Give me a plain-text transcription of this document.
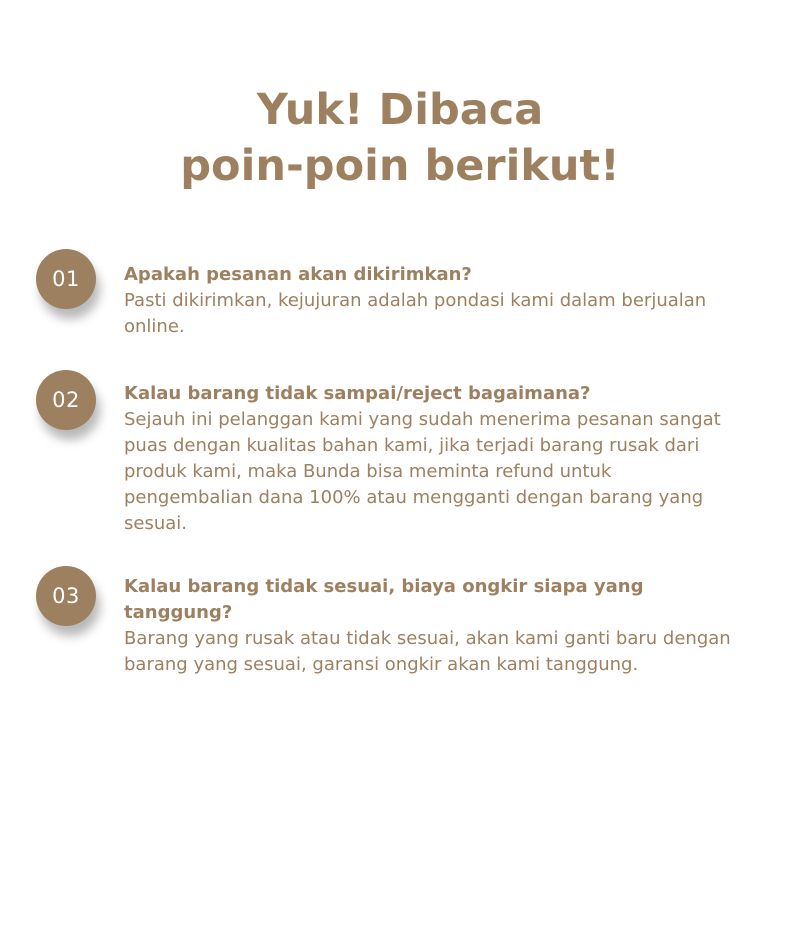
Yuk! Dibaca
poin-poin berikut!
01 Apakah pesanan akan dikirimkan?
Pasti dikirimkan, kejujuran adalah pondasi kami dalam berjualan online.
02 Kalau barang tidak sampai/reject bagaimana?
Sejauh ini pelanggan kami yang sudah menerima pesanan sangat puas dengan kualitas bahan kami, jika terjadi barang rusak dari produk kami, maka Bunda bisa meminta refund untuk pengembalian dana 100% atau mengganti dengan barang yang sesuai.
03 Kalau barang tidak sesuai, biaya ongkir siapa yang tanggung?
Barang yang rusak atau tidak sesuai, akan kami ganti baru dengan barang yang sesuai, garansi ongkir akan kami tanggung.
